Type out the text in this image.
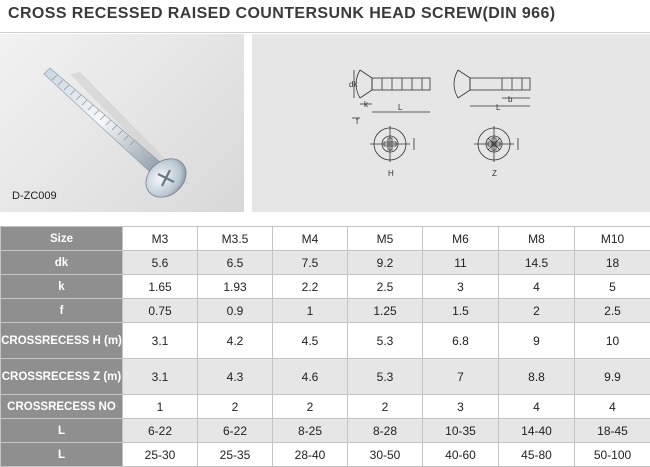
CROSS RECESSED RAISED COUNTERSUNK HEAD SCREW(DIN 966)
D-ZC009
dk
k	L
f
b
L
H	Z
Size	M3	M3.5	M4	M5	M6	M8	M10
dk	5.6	6.5	7.5	9.2	11	14.5	18
k	1.65	1.93	2.2	2.5	3	4	5
f	0.75	0.9	1	1.25	1.5	2	2.5
CROSSRECESS H (m)	3.1	4.2	4.5	5.3	6.8	9	10
CROSSRECESS Z (m)	3.1	4.3	4.6	5.3	7	8.8	9.9
CROSSRECESS NO	1	2	2	2	3	4	4
L	6-22	6-22	8-25	8-28	10-35	14-40	18-45
L	25-30	25-35	28-40	30-50	40-60	45-80	50-100
